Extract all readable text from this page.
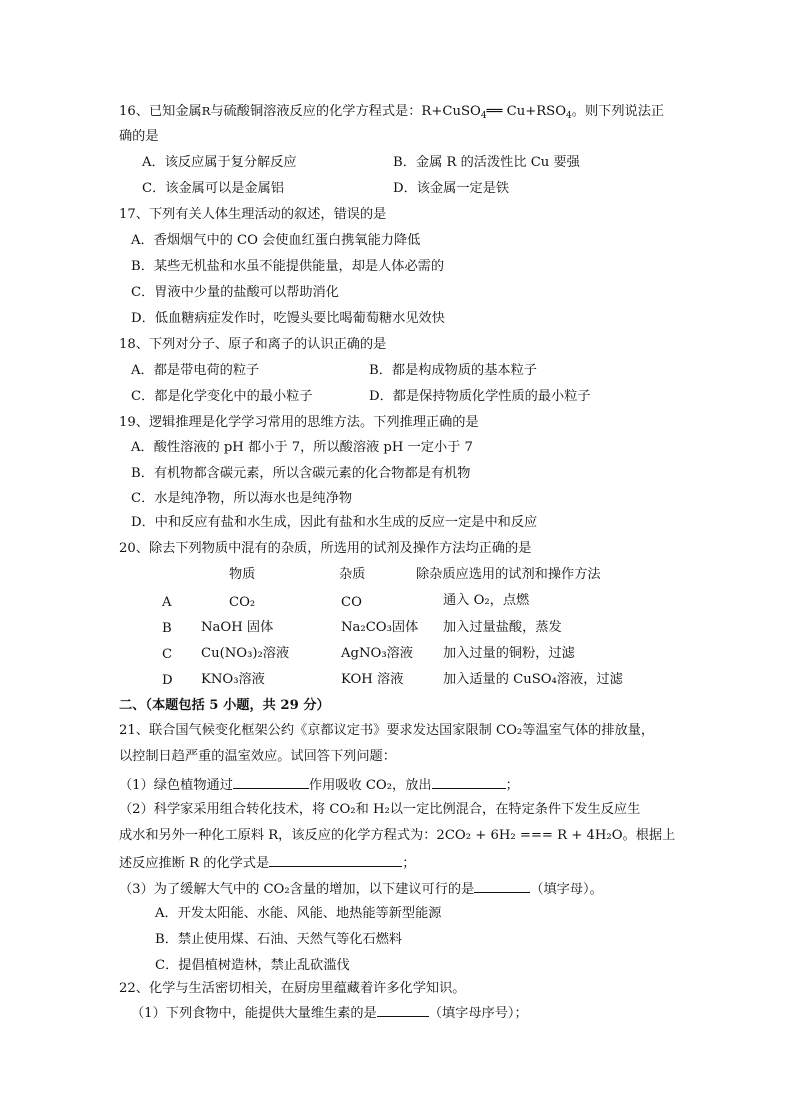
16、已知金属R与硫酸铜溶液反应的化学方程式是：R+CuSO$_4$══ $Cu+RSO_4$。则下列说法正
确的是
A．该反应属于复分解反应	B．金属 R 的活泼性比 Cu 要强
C．该金属可以是金属铝	D．该金属一定是铁
17、下列有关人体生理活动的叙述，错误的是
A．香烟烟气中的 CO 会使血红蛋白携氧能力降低
B．某些无机盐和水虽不能提供能量，却是人体必需的
C．胃液中少量的盐酸可以帮助消化
D．低血糖病症发作时，吃馒头要比喝葡萄糖水见效快
18、下列对分子、原子和离子的认识正确的是
A．都是带电荷的粒子	B．都是构成物质的基本粒子
C．都是化学变化中的最小粒子	D．都是保持物质化学性质的最小粒子
19、逻辑推理是化学学习常用的思维方法。下列推理正确的是
A．酸性溶液的 pH 都小于 7，所以酸溶液 pH 一定小于 7
B．有机物都含碳元素，所以含碳元素的化合物都是有机物
C．水是纯净物，所以海水也是纯净物
D．中和反应有盐和水生成，因此有盐和水生成的反应一定是中和反应
20、除去下列物质中混有的杂质，所选用的试剂及操作方法均正确的是
物质	杂质	除杂质应选用的试剂和操作方法
A	CO₂	CO	通入 O₂，点燃
B NaOH 固体	Na₂CO₃固体 加入过量盐酸，蒸发
C Cu(NO₃)₂溶液	AgNO₃溶液 加入过量的铜粉，过滤
D KNO₃溶液	KOH 溶液	加入适量的 CuSO₄溶液，过滤
二、（本题包括 5 小题，共 29 分）
21、联合国气候变化框架公约《京都议定书》要求发达国家限制 CO₂等温室气体的排放量，
以控制日趋严重的温室效应。试回答下列问题：
（1）绿色植物通过	作用吸收 CO₂，放出	；
（2）科学家采用组合转化技术，将 CO₂和 H₂以一定比例混合，在特定条件下发生反应生
成水和另外一种化工原料 R，该反应的化学方程式为：2CO₂ + 6H₂ === R + 4H₂O。根据上
述反应推断 R 的化学式是	；
（3）为了缓解大气中的 CO₂含量的增加，以下建议可行的是	（填字母）。
A．开发太阳能、水能、风能、地热能等新型能源
B．禁止使用煤、石油、天然气等化石燃料
C．提倡植树造林，禁止乱砍滥伐
22、化学与生活密切相关，在厨房里蕴藏着许多化学知识。
（1）下列食物中，能提供大量维生素的是	（填字母序号）；
